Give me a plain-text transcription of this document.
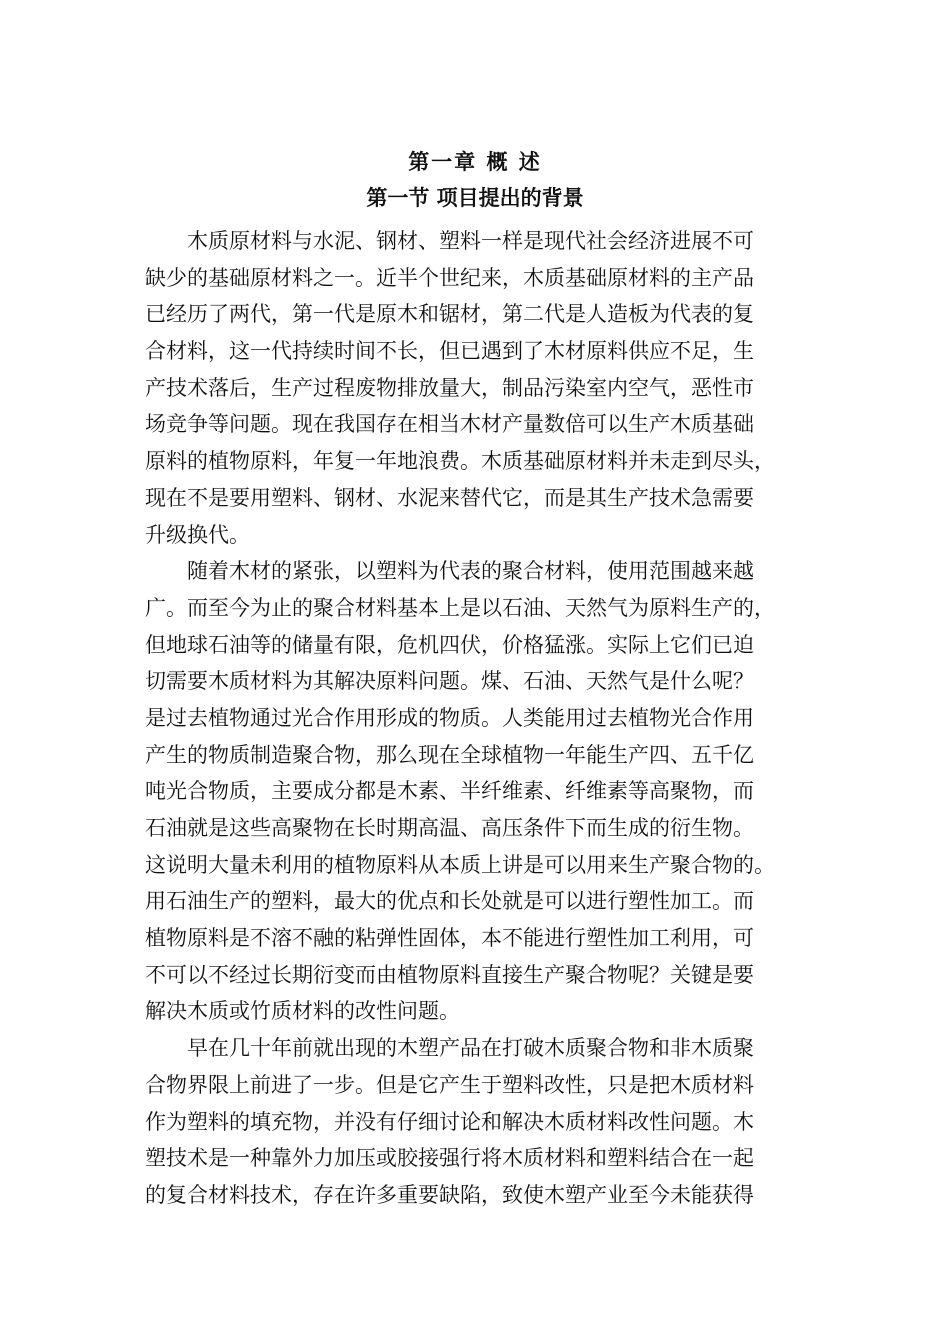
第一章 概 述
第一节 项目提出的背景
木质原材料与水泥、钢材、塑料一样是现代社会经济进展不可
缺少的基础原材料之一。近半个世纪来，木质基础原材料的主产品
已经历了两代，第一代是原木和锯材，第二代是人造板为代表的复
合材料，这一代持续时间不长，但已遇到了木材原料供应不足，生
产技术落后，生产过程废物排放量大，制品污染室内空气，恶性市
场竞争等问题。现在我国存在相当木材产量数倍可以生产木质基础
原料的植物原料，年复一年地浪费。木质基础原材料并未走到尽头，
现在不是要用塑料、钢材、水泥来替代它，而是其生产技术急需要
升级换代。
随着木材的紧张，以塑料为代表的聚合材料，使用范围越来越
广。而至今为止的聚合材料基本上是以石油、天然气为原料生产的，
但地球石油等的储量有限，危机四伏，价格猛涨。实际上它们已迫
切需要木质材料为其解决原料问题。煤、石油、天然气是什么呢？
是过去植物通过光合作用形成的物质。人类能用过去植物光合作用
产生的物质制造聚合物，那么现在全球植物一年能生产四、五千亿
吨光合物质，主要成分都是木素、半纤维素、纤维素等高聚物，而
石油就是这些高聚物在长时期高温、高压条件下而生成的衍生物。
这说明大量未利用的植物原料从本质上讲是可以用来生产聚合物的。
用石油生产的塑料，最大的优点和长处就是可以进行塑性加工。而
植物原料是不溶不融的粘弹性固体，本不能进行塑性加工利用，可
不可以不经过长期衍变而由植物原料直接生产聚合物呢？关键是要
解决木质或竹质材料的改性问题。
早在几十年前就出现的木塑产品在打破木质聚合物和非木质聚
合物界限上前进了一步。但是它产生于塑料改性，只是把木质材料
作为塑料的填充物，并没有仔细讨论和解决木质材料改性问题。木
塑技术是一种靠外力加压或胶接强行将木质材料和塑料结合在一起
的复合材料技术，存在许多重要缺陷，致使木塑产业至今未能获得
